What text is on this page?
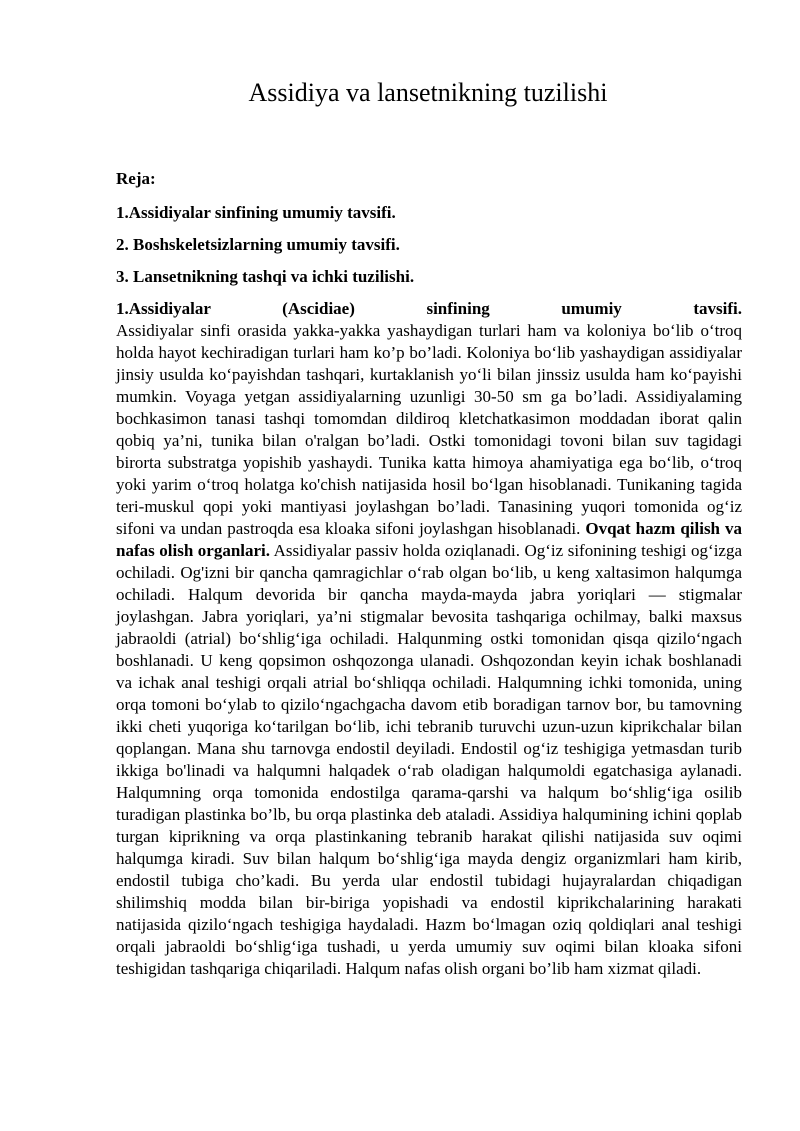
Assidiya va lansetnikning tuzilishi

Reja:

1.Assidiyalar sinfining umumiy tavsifi.

2. Boshskeletsizlarning umumiy tavsifi.

3. Lansetnikning tashqi va ichki tuzilishi.

1.Assidiyalar (Ascidiae) sinfining umumiy tavsifi.
Assidiyalar sinfi orasida yakka-yakka yashaydigan turlari ham va koloniya bo‘lib o‘troq holda hayot kechiradigan turlari ham ko’p bo’ladi. Koloniya bo‘lib yashaydigan assidiyalar jinsiy usulda ko‘payishdan tashqari, kurtaklanish yo‘li bilan jinssiz usulda ham ko‘payishi mumkin. Voyaga yetgan assidiyalarning uzunligi 30-50 sm ga bo’ladi. Assidiyalaming bochkasimon tanasi tashqi tomomdan dildiroq kletchatkasimon moddadan iborat qalin qobiq ya’ni, tunika bilan o'ralgan bo’ladi. Ostki tomonidagi tovoni bilan suv tagidagi birorta substratga yopishib yashaydi. Tunika katta himoya ahamiyatiga ega bo‘lib, o‘troq yoki yarim o‘troq holatga ko'chish natijasida hosil bo‘lgan hisoblanadi. Tunikaning tagida teri-muskul qopi yoki mantiyasi joylashgan bo’ladi. Tanasining yuqori tomonida og‘iz sifoni va undan pastroqda esa kloaka sifoni joylashgan hisoblanadi. Ovqat hazm qilish va nafas olish organlari. Assidiyalar passiv holda oziqlanadi. Og‘iz sifonining teshigi og‘izga ochiladi. Og'izni bir qancha qamragichlar o‘rab olgan bo‘lib, u keng xaltasimon halqumga ochiladi. Halqum devorida bir qancha mayda-mayda jabra yoriqlari — stigmalar joylashgan. Jabra yoriqlari, ya’ni stigmalar bevosita tashqariga ochilmay, balki maxsus jabraoldi (atrial) bo‘shlig‘iga ochiladi. Halqunming ostki tomonidan qisqa qizilo‘ngach boshlanadi. U keng qopsimon oshqozonga ulanadi. Oshqozondan keyin ichak boshlanadi va ichak anal teshigi orqali atrial bo‘shliqqa ochiladi. Halqumning ichki tomonida, uning orqa tomoni bo‘ylab to qizilo‘ngachgacha davom etib boradigan tarnov bor, bu tamovning ikki cheti yuqoriga ko‘tarilgan bo‘lib, ichi tebranib turuvchi uzun-uzun kiprikchalar bilan qoplangan. Mana shu tarnovga endostil deyiladi. Endostil og‘iz teshigiga yetmasdan turib ikkiga bo'linadi va halqumni halqadek o‘rab oladigan halqumoldi egatchasiga aylanadi. Halqumning orqa tomonida endostilga qarama-qarshi va halqum bo‘shlig‘iga osilib turadigan plastinka bo’lb, bu orqa plastinka deb ataladi. Assidiya halqumining ichini qoplab turgan kiprikning va orqa plastinkaning tebranib harakat qilishi natijasida suv oqimi halqumga kiradi. Suv bilan halqum bo‘shlig‘iga mayda dengiz organizmlari ham kirib, endostil tubiga cho’kadi. Bu yerda ular endostil tubidagi hujayralardan chiqadigan shilimshiq modda bilan bir-biriga yopishadi va endostil kiprikchalarining harakati natijasida qizilo‘ngach teshigiga haydaladi. Hazm bo‘lmagan oziq qoldiqlari anal teshigi orqali jabraoldi bo‘shlig‘iga tushadi, u yerda umumiy suv oqimi bilan kloaka sifoni teshigidan tashqariga chiqariladi. Halqum nafas olish organi bo’lib ham xizmat qiladi.
